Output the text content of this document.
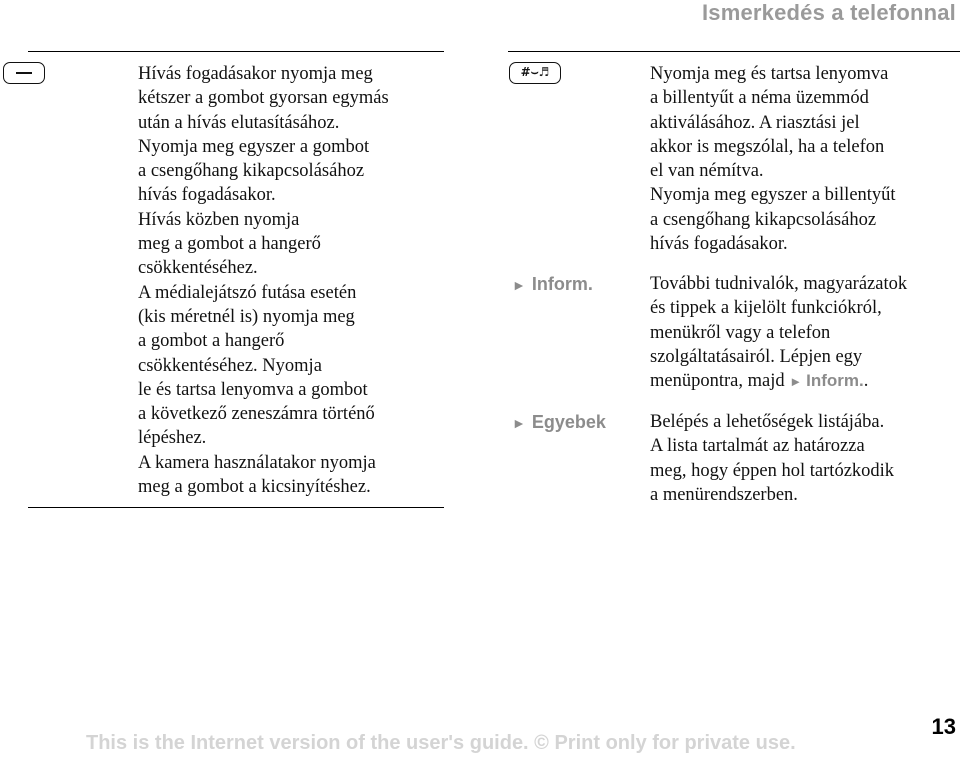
Ismerkedés a telefonnal

Hívás fogadásakor nyomja meg
kétszer a gombot gyorsan egymás
után a hívás elutasításához.
Nyomja meg egyszer a gombot
a csengőhang kikapcsolásához
hívás fogadásakor.
Hívás közben nyomja
meg a gombot a hangerő
csökkentéséhez.
A médialejátszó futása esetén
(kis méretnél is) nyomja meg
a gombot a hangerő
csökkentéséhez. Nyomja
le és tartsa lenyomva a gombot
a következő zeneszámra történő
lépéshez.
A kamera használatakor nyomja
meg a gombot a kicsinyítéshez.

#⌣♬	Nyomja meg és tartsa lenyomva
a billentyűt a néma üzemmód
aktiválásához. A riasztási jel
akkor is megszólal, ha a telefon
el van némítva.
Nyomja meg egyszer a billentyűt
a csengőhang kikapcsolásához
hívás fogadásakor.

► Inform.	További tudnivalók, magyarázatok
és tippek a kijelölt funkciókról,
menükről vagy a telefon
szolgáltatásairól. Lépjen egy
menüpontra, majd ► Inform..

► Egyebek Belépés a lehetőségek listájába.
A lista tartalmát az határozza
meg, hogy éppen hol tartózkodik
a menürendszerben.

This is the Internet version of the user's guide. © Print only for private use.
13
